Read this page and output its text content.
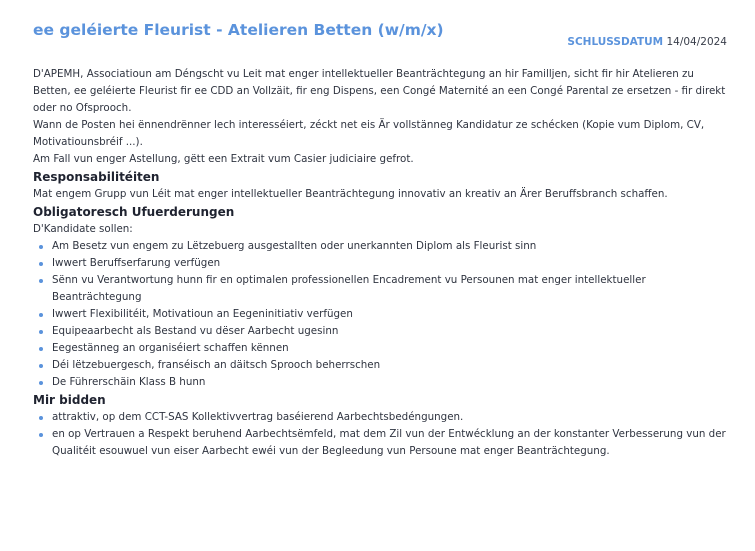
ee geléierte Fleurist - Atelieren Betten (w/m/x)
SCHLUSSDATUM 14/04/2024

D'APEMH, Associatioun am Déngscht vu Leit mat enger intellektueller Beanträchtegung an hir Familljen, sicht fir hir Atelieren zu Betten, ee geléierte Fleurist fir ee CDD an Vollzäit, fir eng Dispens, een Congé Maternité an een Congé Parental ze ersetzen - fir direkt oder no Ofsprooch.

Wann de Posten hei ënnendrënner lech interesséiert, zéckt net eis Är vollstänneg Kandidatur ze schécken (Kopie vum Diplom, CV, Motivatiounsbréif ...).

Am Fall vun enger Astellung, gëtt een Extrait vum Casier judiciaire gefrot.

Responsabilitéiten

Mat engem Grupp vun Léit mat enger intellektueller Beanträchtegung innovativ an kreativ an Ärer Beruffsbranch schaffen.

Obligatoresch Ufuerderungen

D'Kandidate sollen:

Am Besetz vun engem zu Lëtzebuerg ausgestallten oder unerkannten Diplom als Fleurist sinn
Iwwert Beruffserfarung verfügen
Sënn vu Verantwortung hunn fir en optimalen professionellen Encadrement vu Persounen mat enger intellektueller Beanträchtegung
Iwwert Flexibilitéit, Motivatioun an Eegeninitiativ verfügen
Equipeaarbecht als Bestand vu dëser Aarbecht ugesinn
Eegestänneg an organiséiert schaffen kënnen
Déi lëtzebuergesch, franséisch an däitsch Sprooch beherrschen
De Führerschäin Klass B hunn
Mir bidden
attraktiv, op dem CCT-SAS Kollektivvertrag baséierend Aarbechtsbedéngungen.
en op Vertrauen a Respekt beruhend Aarbechtsëmfeld, mat dem Zil vun der Entwécklung an der konstanter Verbesserung vun der Qualitéit esouwuel vun eiser Aarbecht ewéi vun der Begleedung vun Persoune mat enger Beanträchtegung.
